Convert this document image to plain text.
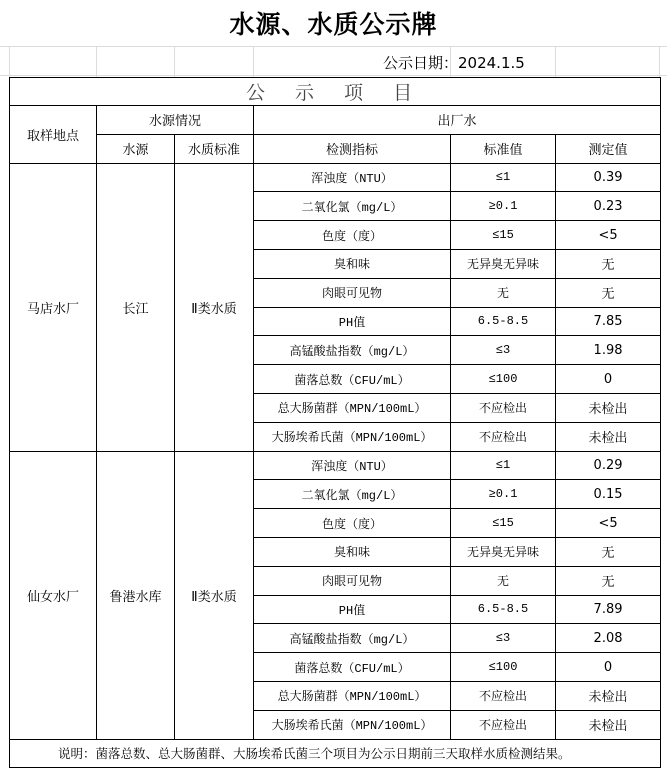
水源、水质公示牌
公示日期：2024.1.5
公 示 项 目					
取样地点	水源情况		出厂水		
	水源	水质标准	检测指标	标准值	测定值
马店水厂	长江	Ⅱ类水质	浑浊度（NTU）	≤1	0.39
			二氧化氯（mg/L）	≥0.1	0.23
			色度（度）	≤15	<5
			臭和味	无异臭无异味	无
			肉眼可见物	无	无
			PH值	6.5-8.5	7.85
			高锰酸盐指数（mg/L）	≤3	1.98
			菌落总数（CFU/mL）	≤100	0
			总大肠菌群（MPN/100mL）	不应检出	未检出
			大肠埃希氏菌（MPN/100mL）	不应检出	未检出
仙女水厂	鲁港水库	Ⅱ类水质	浑浊度（NTU）	≤1	0.29
			二氧化氯（mg/L）	≥0.1	0.15
			色度（度）	≤15	<5
			臭和味	无异臭无异味	无
			肉眼可见物	无	无
			PH值	6.5-8.5	7.89
			高锰酸盐指数（mg/L）	≤3	2.08
			菌落总数（CFU/mL）	≤100	0
			总大肠菌群（MPN/100mL）	不应检出	未检出
			大肠埃希氏菌（MPN/100mL）	不应检出	未检出
说明：菌落总数、总大肠菌群、大肠埃希氏菌三个项目为公示日期前三天取样水质检测结果。					
